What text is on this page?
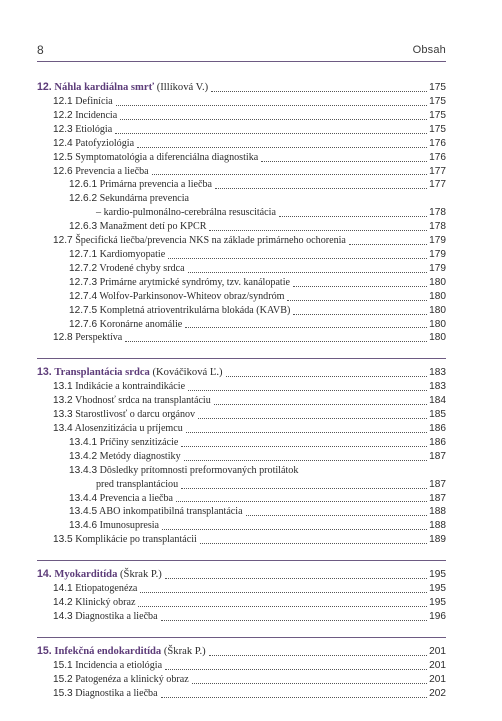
8	Obsah
12. Náhla kardiálna smrť (Illíková V.)	175
12.1 Definícia	175
12.2 Incidencia	175
12.3 Etiológia	175
12.4 Patofyziológia	176
12.5 Symptomatológia a diferenciálna diagnostika	176
12.6 Prevencia a liečba	177
12.6.1 Primárna prevencia a liečba	177
12.6.2 Sekundárna prevencia
– kardio-pulmonálno-cerebrálna resuscitácia	178
12.6.3 Manažment detí po KPCR	178
12.7 Špecifická liečba/prevencia NKS na základe primárneho ochorenia	179
12.7.1 Kardiomyopatie	179
12.7.2 Vrodené chyby srdca	179
12.7.3 Primárne arytmické syndrómy, tzv. kanálopatie	180
12.7.4 Wolfov-Parkinsonov-Whiteov obraz/syndróm	180
12.7.5 Kompletná atrioventrikulárna blokáda (KAVB)	180
12.7.6 Koronárne anomálie	180
12.8 Perspektíva	180
13. Transplantácia srdca (Kováčiková Ľ.)	183
13.1 Indikácie a kontraindikácie	183
13.2 Vhodnosť srdca na transplantáciu	184
13.3 Starostlivosť o darcu orgánov	185
13.4 Alosenzitizácia u príjemcu	186
13.4.1 Príčiny senzitizácie	186
13.4.2 Metódy diagnostiky	187
13.4.3 Dôsledky prítomnosti preformovaných protilátok
pred transplantáciou	187
13.4.4 Prevencia a liečba	187
13.4.5 ABO inkompatibilná transplantácia	188
13.4.6 Imunosupresia	188
13.5 Komplikácie po transplantácii	189
14. Myokarditída (Škrak P.)	195
14.1 Etiopatogenéza	195
14.2 Klinický obraz	195
14.3 Diagnostika a liečba	196
15. Infekčná endokarditída (Škrak P.)	201
15.1 Incidencia a etiológia	201
15.2 Patogenéza a klinický obraz	201
15.3 Diagnostika a liečba	202
